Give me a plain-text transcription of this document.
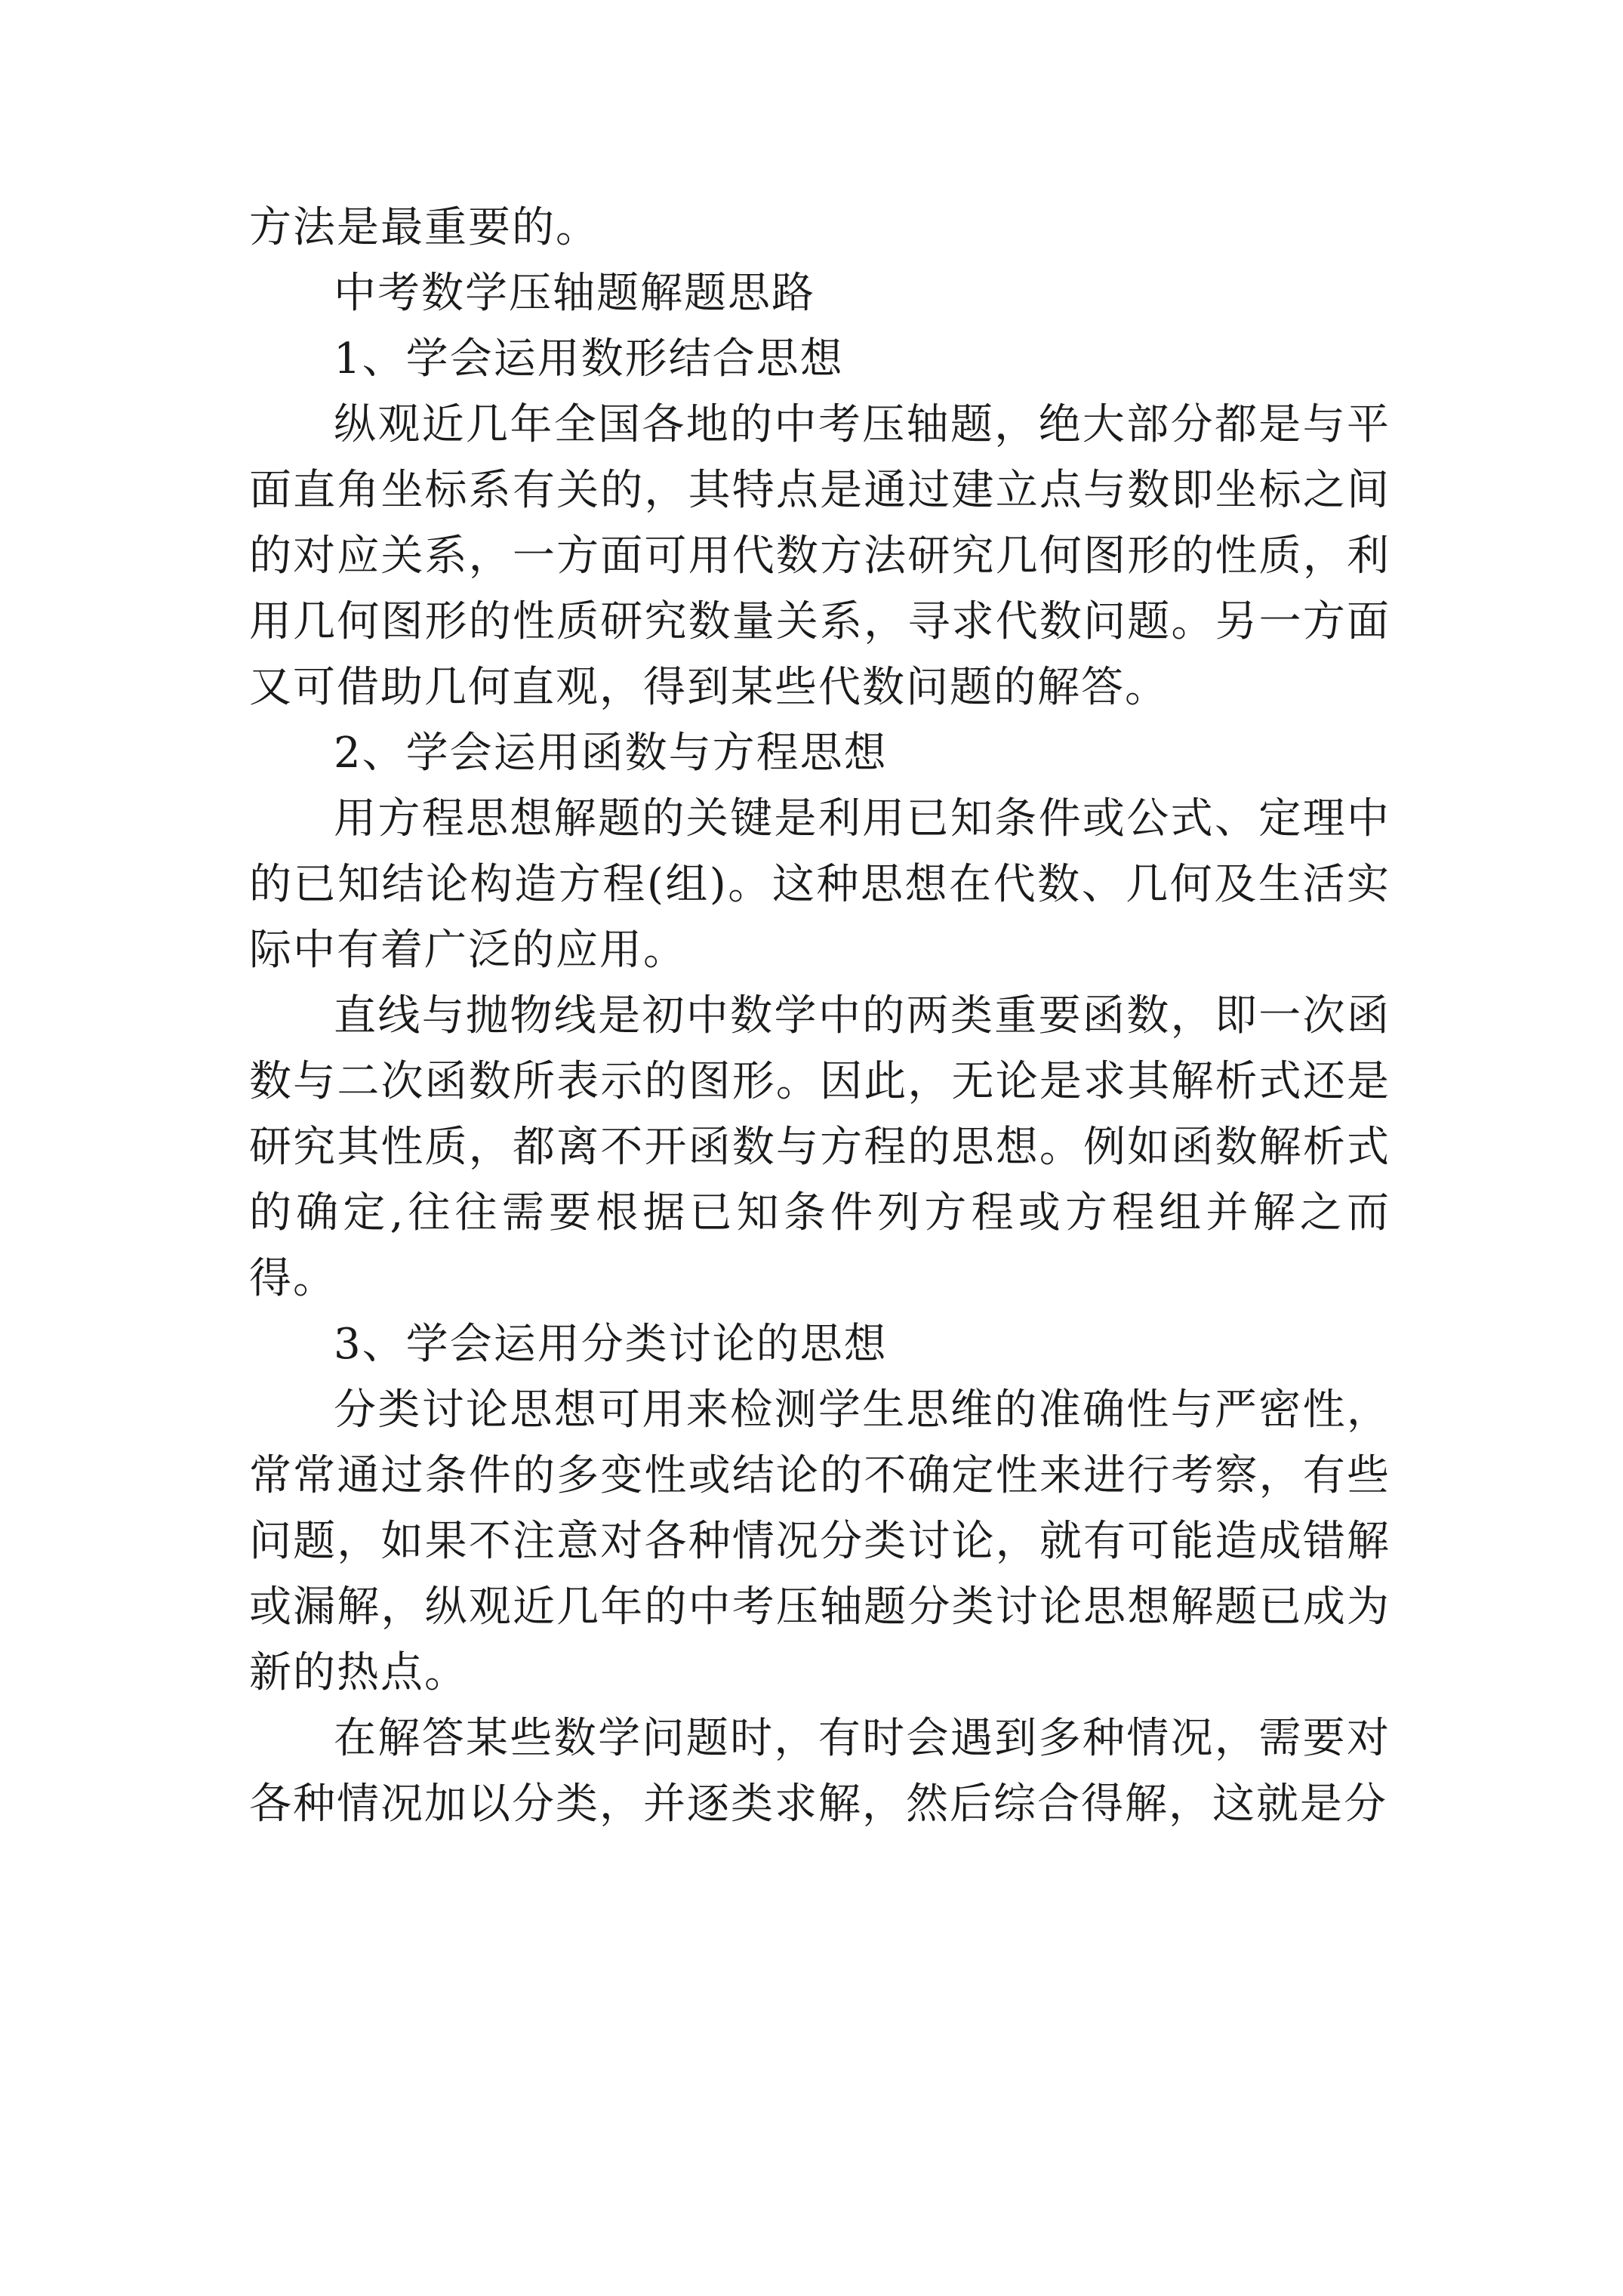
方法是最重要的。

中考数学压轴题解题思路

1、学会运用数形结合思想

纵观近几年全国各地的中考压轴题，绝大部分都是与平面直角坐标系有关的，其特点是通过建立点与数即坐标之间的对应关系，一方面可用代数方法研究几何图形的性质，利用几何图形的性质研究数量关系，寻求代数问题。另一方面又可借助几何直观，得到某些代数问题的解答。

2、学会运用函数与方程思想

用方程思想解题的关键是利用已知条件或公式、定理中的已知结论构造方程(组)。这种思想在代数、几何及生活实际中有着广泛的应用。

直线与抛物线是初中数学中的两类重要函数，即一次函数与二次函数所表示的图形。因此，无论是求其解析式还是研究其性质，都离不开函数与方程的思想。例如函数解析式的确定,往往需要根据已知条件列方程或方程组并解之而得。

3、学会运用分类讨论的思想

分类讨论思想可用来检测学生思维的准确性与严密性，常常通过条件的多变性或结论的不确定性来进行考察，有些问题，如果不注意对各种情况分类讨论，就有可能造成错解或漏解，纵观近几年的中考压轴题分类讨论思想解题已成为新的热点。

在解答某些数学问题时，有时会遇到多种情况，需要对各种情况加以分类，并逐类求解，然后综合得解，这就是分
